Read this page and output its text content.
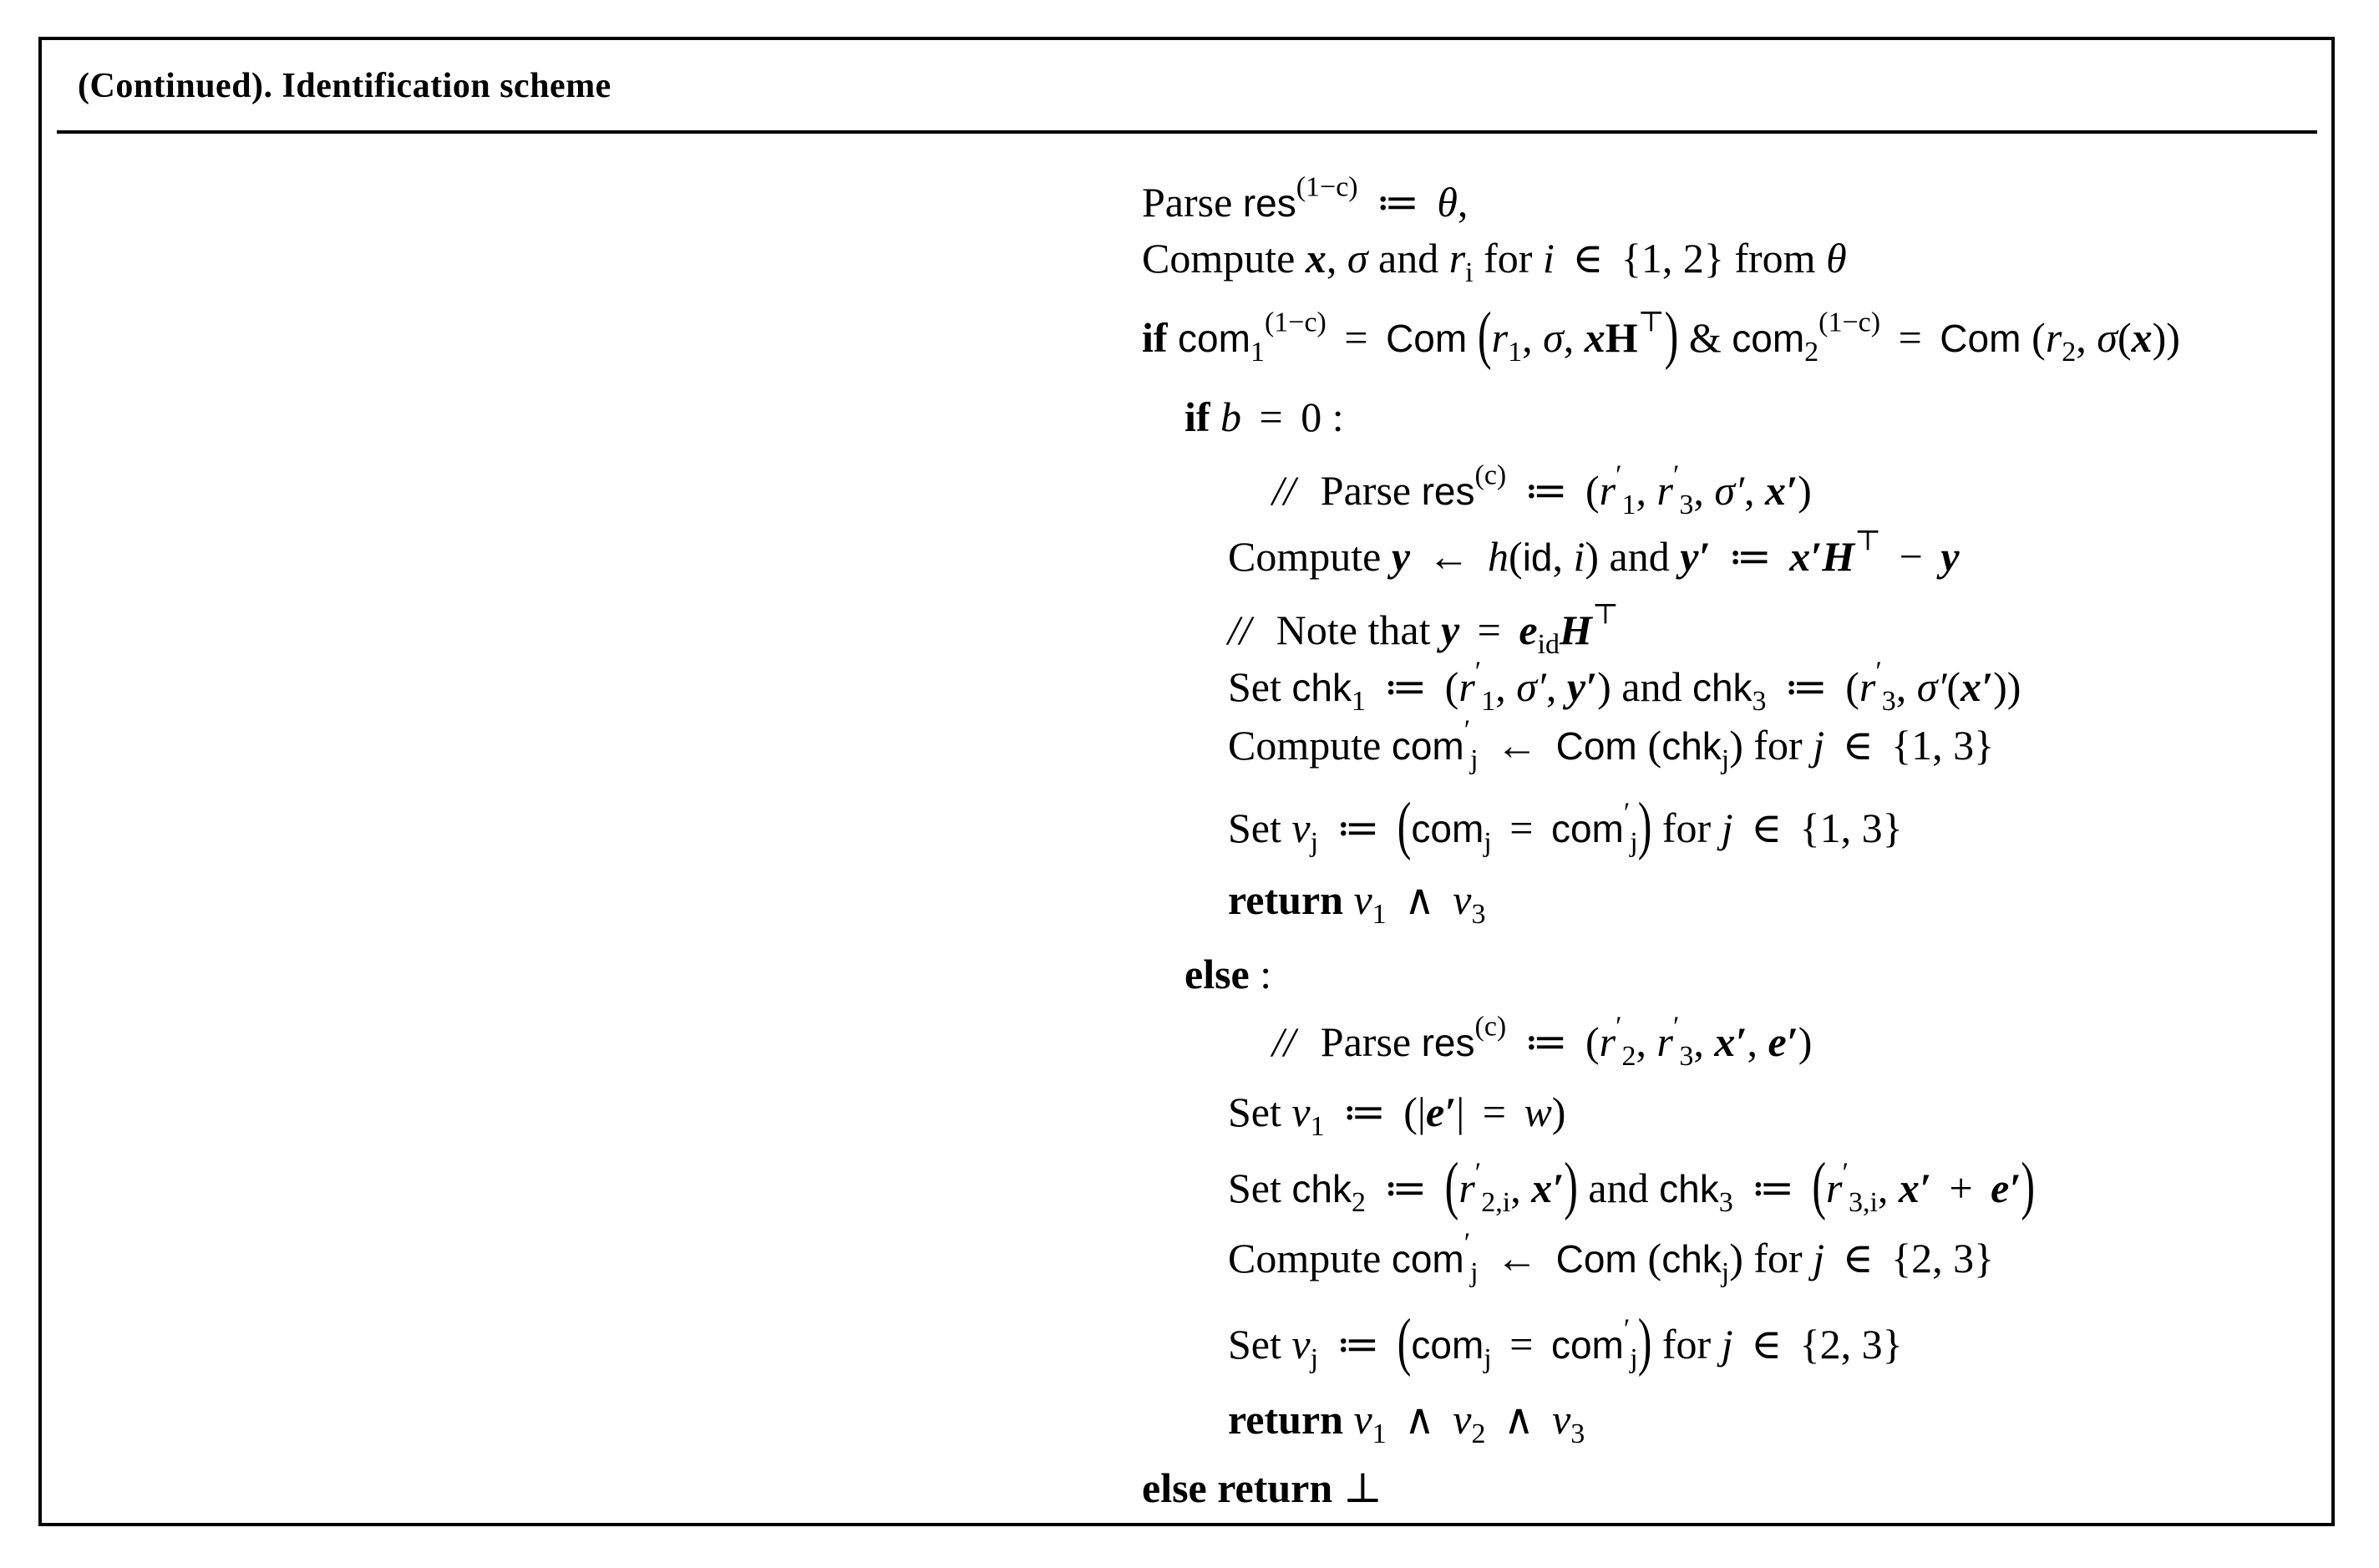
(Continued). Identification scheme
Parse res$^{(1-c)}$ ≔ θ,
Compute x, σ and $r_i$ for i ∈ {1, 2} from θ
if com$_1^{(1-c)}$ = Com ($r_1$, σ, xH⊤) & com$_2^{(1-c)}$ = Com ($r_2$, σ(x))
if b = 0 :
// Parse res$^{(c)}$ ≔ ($r'_1$, $r'_3$, σ′, x′)
Compute y ← h(id, i) and y′ ≔ x′H⊤ − y
// Note that $y = e_{id}H^⊤$
Set chk$_1$ ≔ ($r'_1$, σ′, y′) and chk$_3$ ≔ ($r'_3$, σ′(x′))
Compute com′$_j$ ← Com (chk$_j$) for j ∈ {1, 3}
Set $v_j$ ≔ (com$_j$ = com′$_j$) for j ∈ {1, 3}
return $v_1$ ∧ $v_3$
else :
// Parse res$^{(c)}$ ≔ ($r'_2$, $r'_3$, x′, e′)
Set $v_1$ ≔ (|e′| = w)
Set chk$_2$ ≔ ($r'_{2,i}$, x′) and chk$_3$ ≔ ($r'_{3,i}$, x′ + e′)
Compute com′$_j$ ← Com (chk$_j$) for j ∈ {2, 3}
Set $v_j$ ≔ (com$_j$ = com′$_j$) for j ∈ {2, 3}
return $v_1$ ∧ $v_2$ ∧ $v_3$
else return ⊥
